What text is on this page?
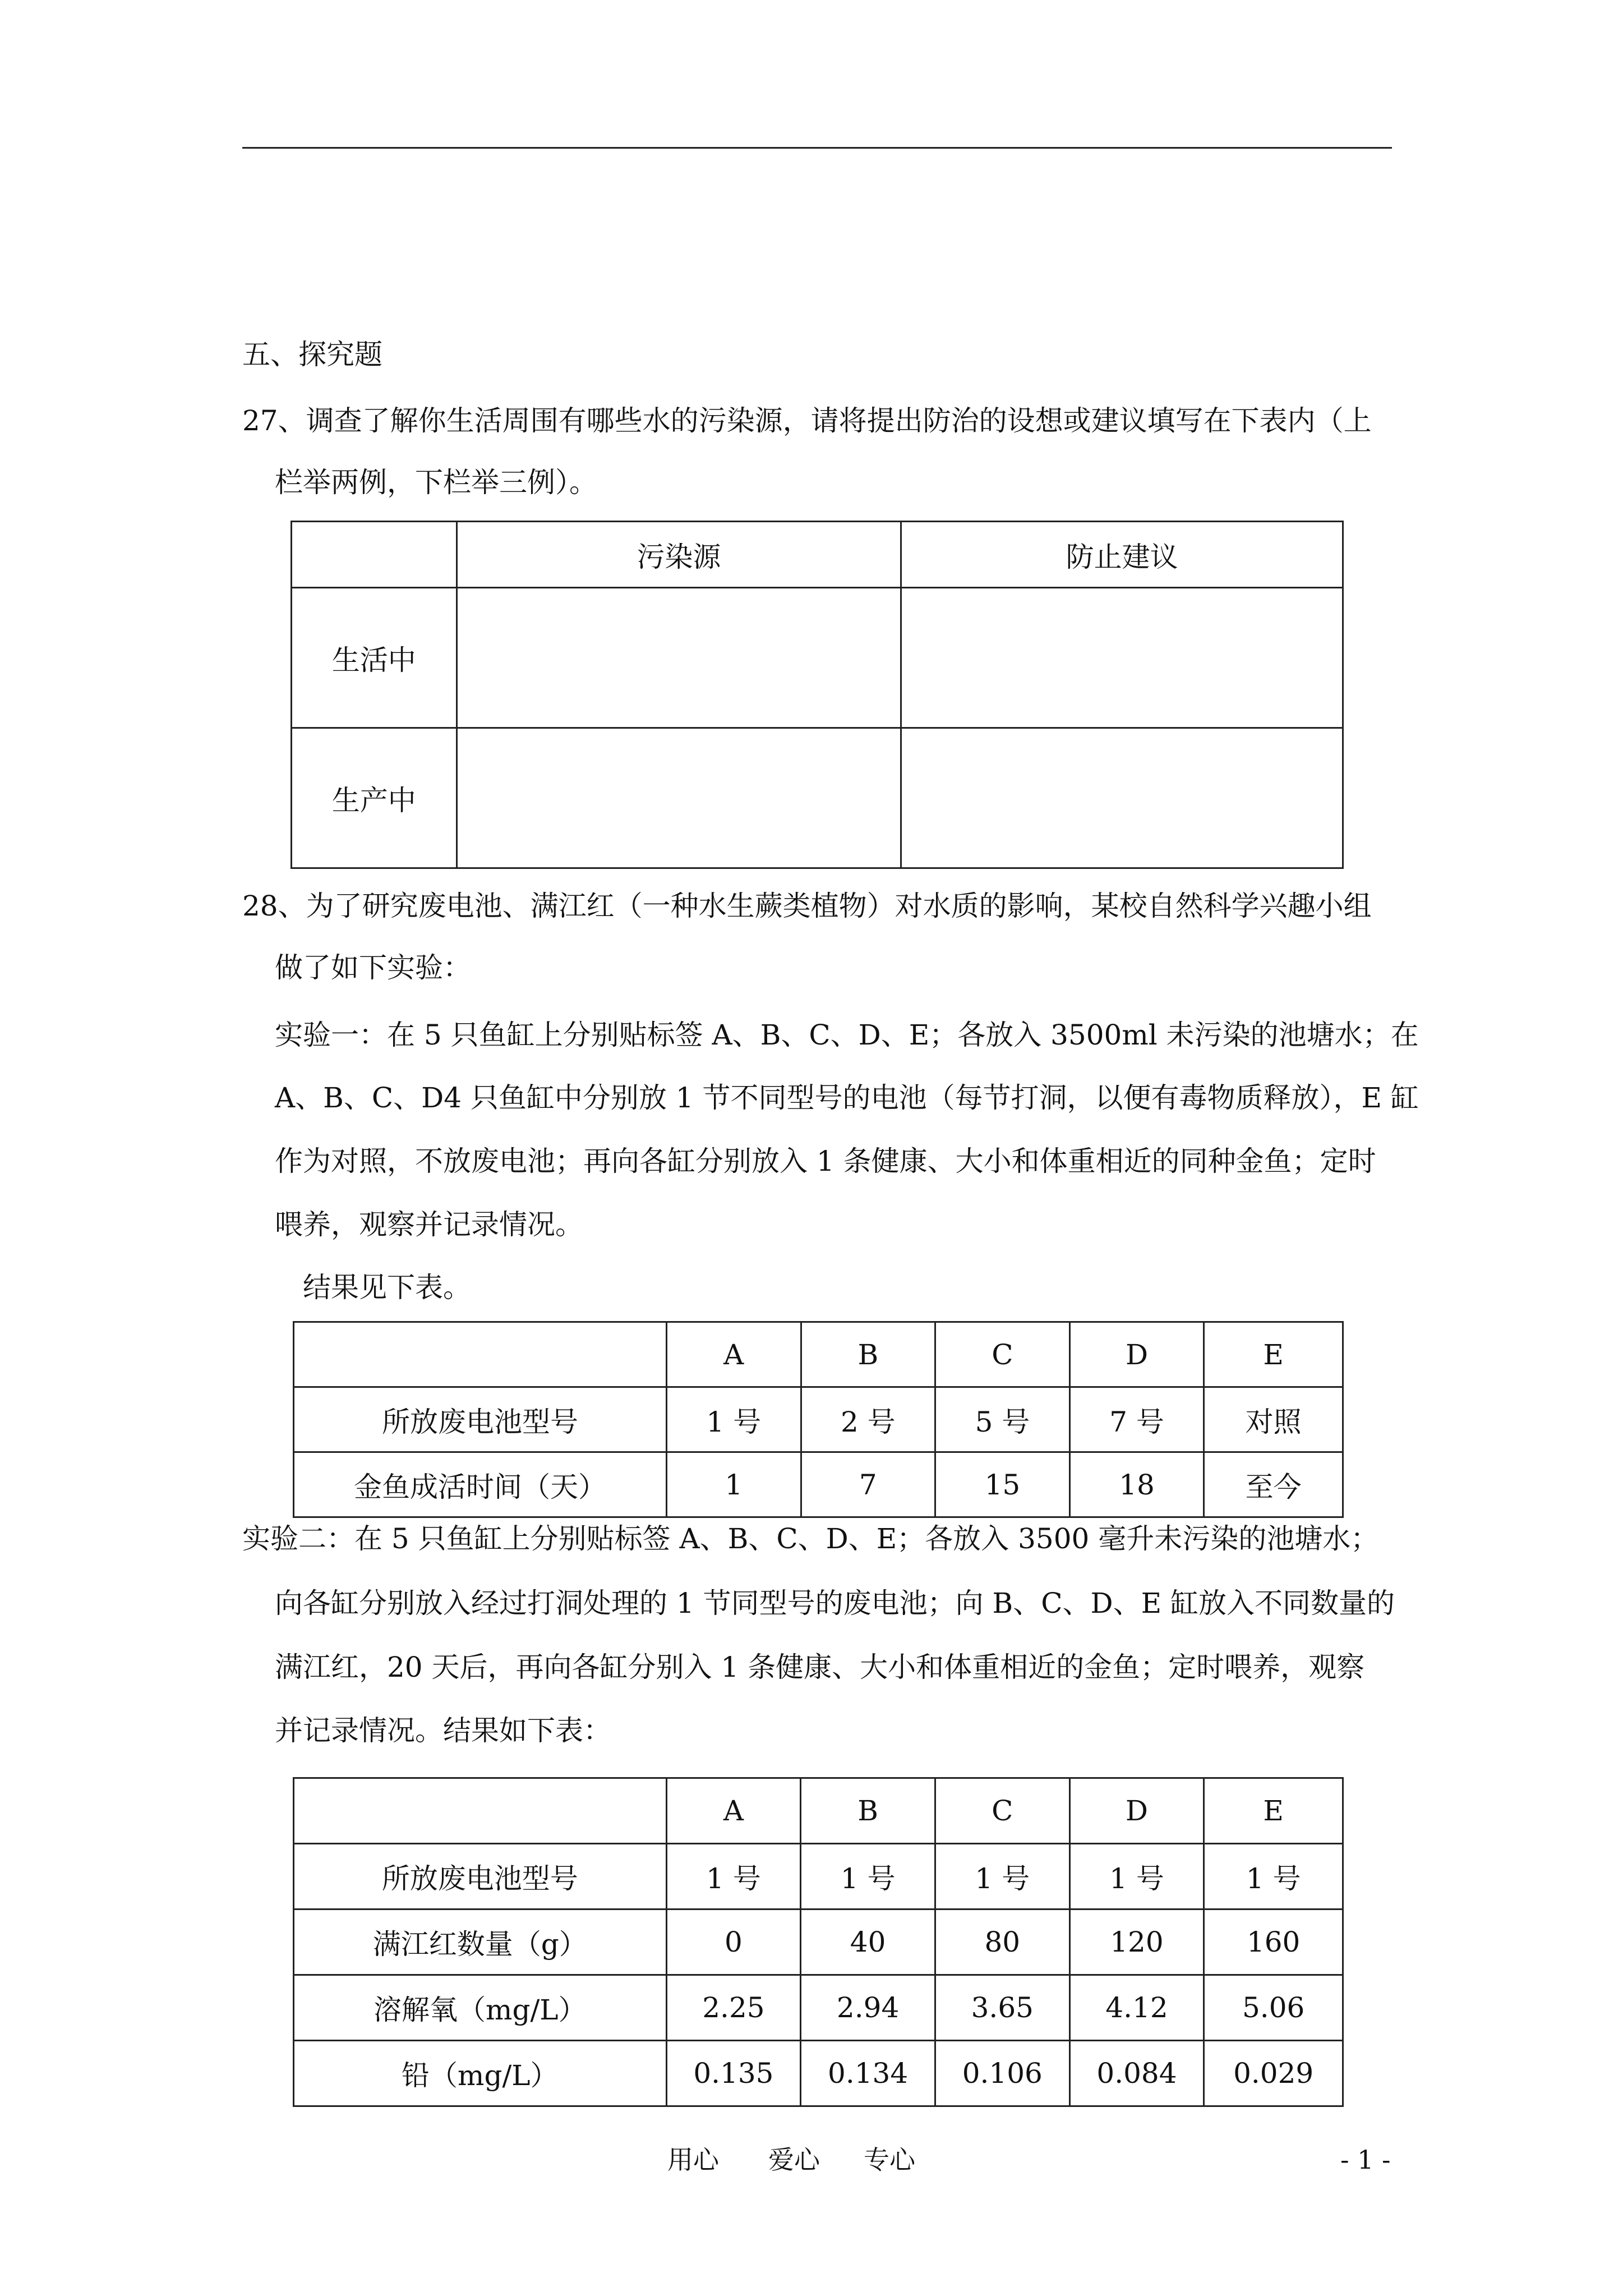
五、探究题
27、调查了解你生活周围有哪些水的污染源，请将提出防治的设想或建议填写在下表内（上
栏举两例，下栏举三例）。
	污染源	防止建议
生活中		
生产中		
28、为了研究废电池、满江红（一种水生蕨类植物）对水质的影响，某校自然科学兴趣小组
做了如下实验：
实验一：在 5 只鱼缸上分别贴标签 A、B、C、D、E；各放入 3500ml 未污染的池塘水；在
A、B、C、D4 只鱼缸中分别放 1 节不同型号的电池（每节打洞，以便有毒物质释放），E 缸
作为对照，不放废电池；再向各缸分别放入 1 条健康、大小和体重相近的同种金鱼；定时
喂养，观察并记录情况。
结果见下表。
	A	B	C	D	E
所放废电池型号	1 号	2 号	5 号	7 号	对照
金鱼成活时间（天）	1	7	15	18	至今
实验二：在 5 只鱼缸上分别贴标签 A、B、C、D、E；各放入 3500 毫升未污染的池塘水；
向各缸分别放入经过打洞处理的 1 节同型号的废电池；向 B、C、D、E 缸放入不同数量的
满江红，20 天后，再向各缸分别入 1 条健康、大小和体重相近的金鱼；定时喂养，观察
并记录情况。结果如下表：
	A	B	C	D	E
所放废电池型号	1 号	1 号	1 号	1 号	1 号
满江红数量（g）	0	40	80	120	160
溶解氧（mg/L）	2.25	2.94	3.65	4.12	5.06
铅（mg/L）	0.135	0.134	0.106	0.084	0.029
用心 爱心 专心	- 1 -
